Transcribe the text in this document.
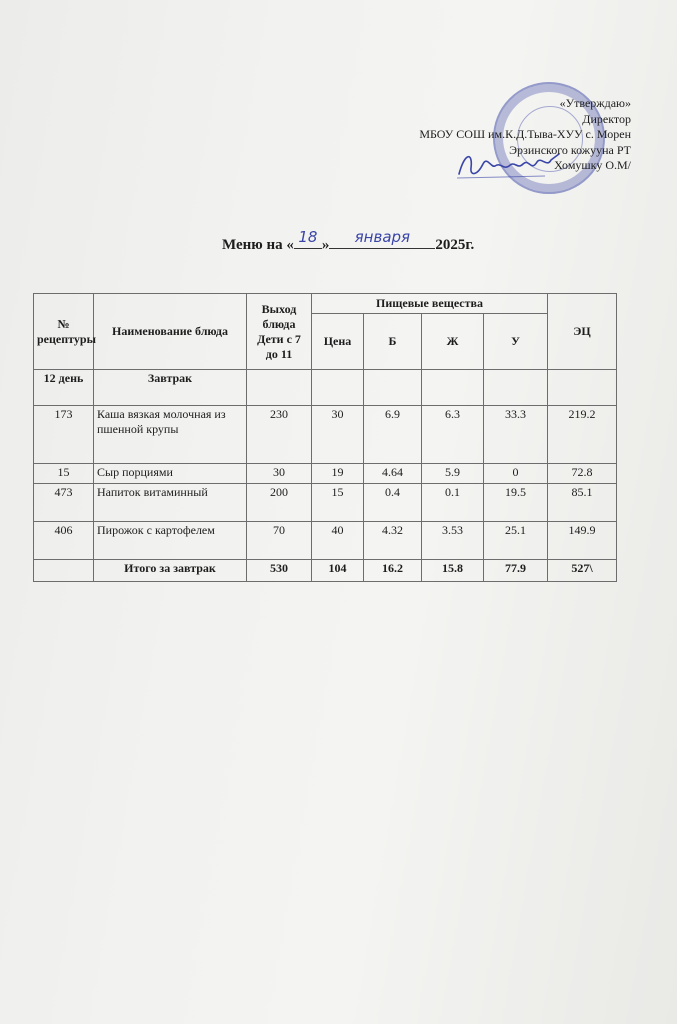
«Утверждаю»
Директор
МБОУ СОШ им.К.Д.Тыва-ХУУ с. Морен
Эрзинского кожууна РТ
Хомушку О.М/
Меню на « 18 »	января	2025г.
№ рецептуры	Наименование блюда	Выход блюда Дети с 7 до 11	Пищевые вещества				ЭЦ
			Цена	Б	Ж	У	
12 день	Завтрак						
173	Каша вязкая молочная из пшенной крупы	230	30	6.9	6.3	33.3	219.2
15	Сыр порциями	30	19	4.64	5.9	0	72.8
473	Напиток витаминный	200	15	0.4	0.1	19.5	85.1
406	Пирожок с картофелем	70	40	4.32	3.53	25.1	149.9
	Итого за завтрак	530	104	16.2	15.8	77.9	527\
